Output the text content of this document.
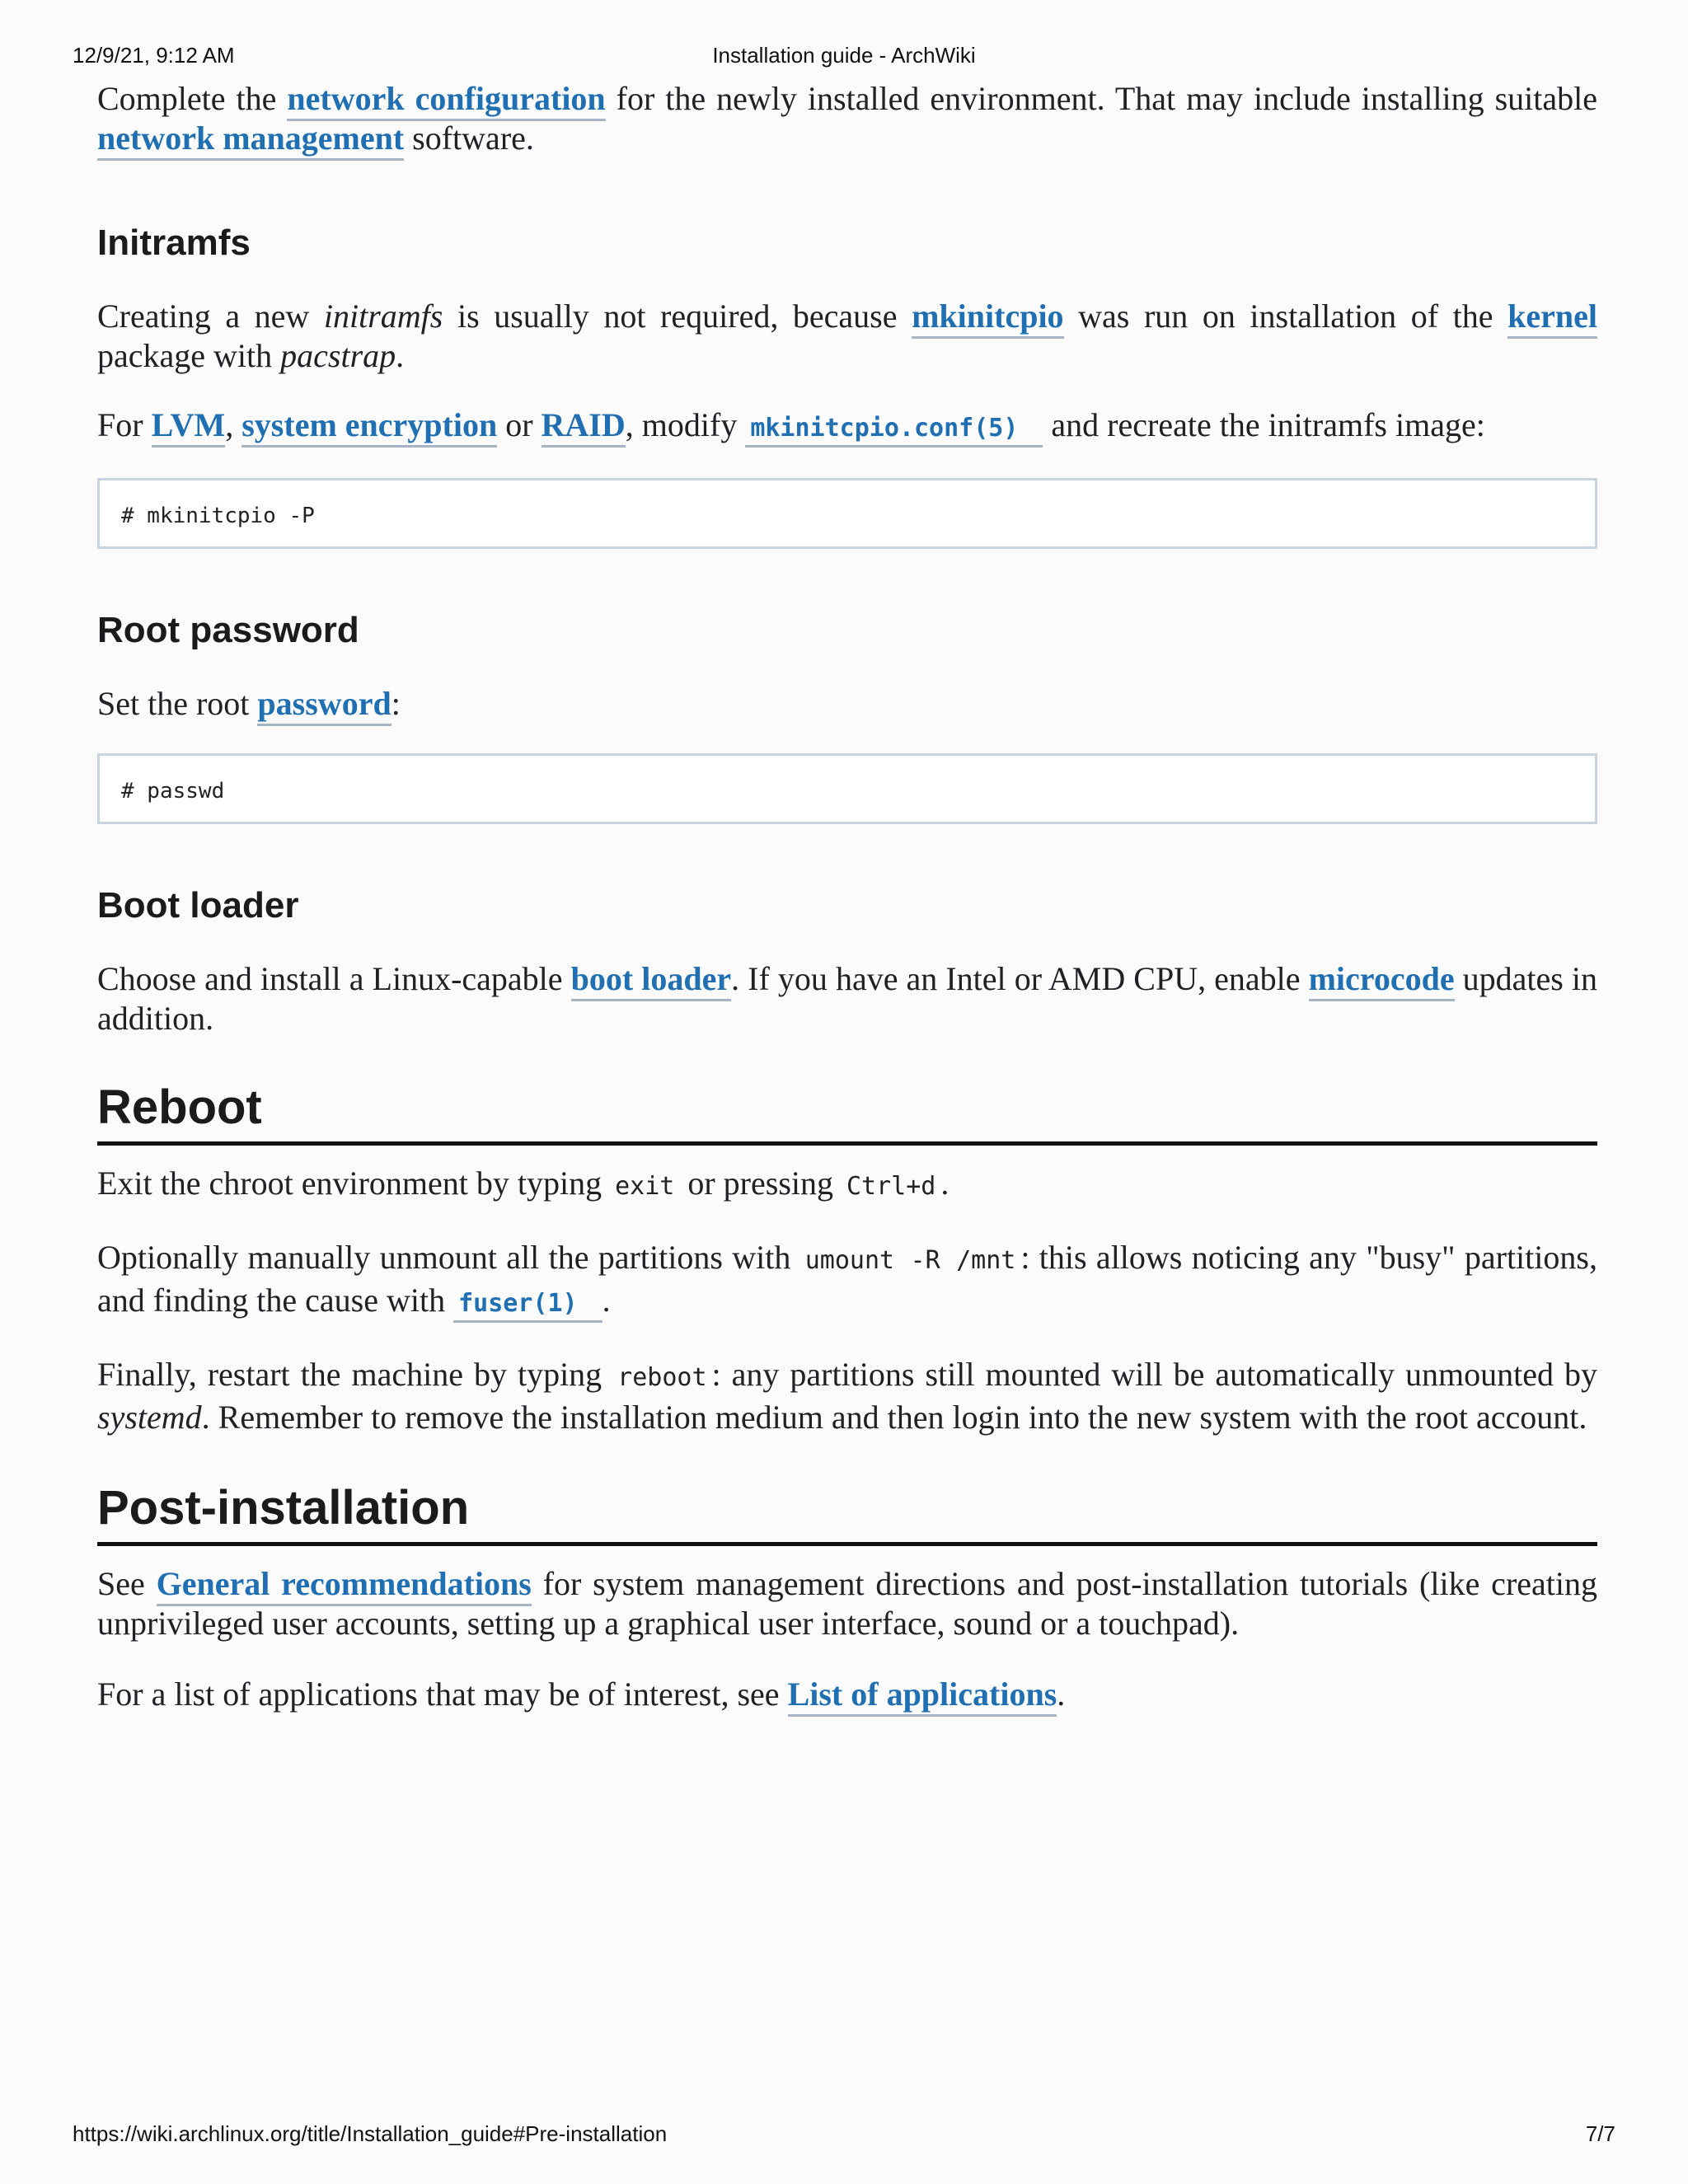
12/9/21, 9:12 AM	Installation guide - ArchWiki

Complete the network configuration for the newly installed environment. That may include installing suitable network management software.

Initramfs

Creating a new initramfs is usually not required, because mkinitcpio was run on installation of the kernel package with pacstrap.

For LVM, system encryption or RAID, modify mkinitcpio.conf(5) and recreate the initramfs image:

# mkinitcpio -P
Root password

Set the root password:

# passwd
Boot loader

Choose and install a Linux-capable boot loader. If you have an Intel or AMD CPU, enable microcode updates in addition.

Reboot

Exit the chroot environment by typing exit or pressing Ctrl+d .

Optionally manually unmount all the partitions with umount -R /mnt : this allows noticing any "busy" partitions, and finding the cause with fuser(1) .

Finally, restart the machine by typing reboot : any partitions still mounted will be automatically unmounted by systemd. Remember to remove the installation medium and then login into the new system with the root account.

Post-installation

See General recommendations for system management directions and post-installation tutorials (like creating unprivileged user accounts, setting up a graphical user interface, sound or a touchpad).

For a list of applications that may be of interest, see List of applications.

https://wiki.archlinux.org/title/Installation_guide#Pre-installation	7/7
